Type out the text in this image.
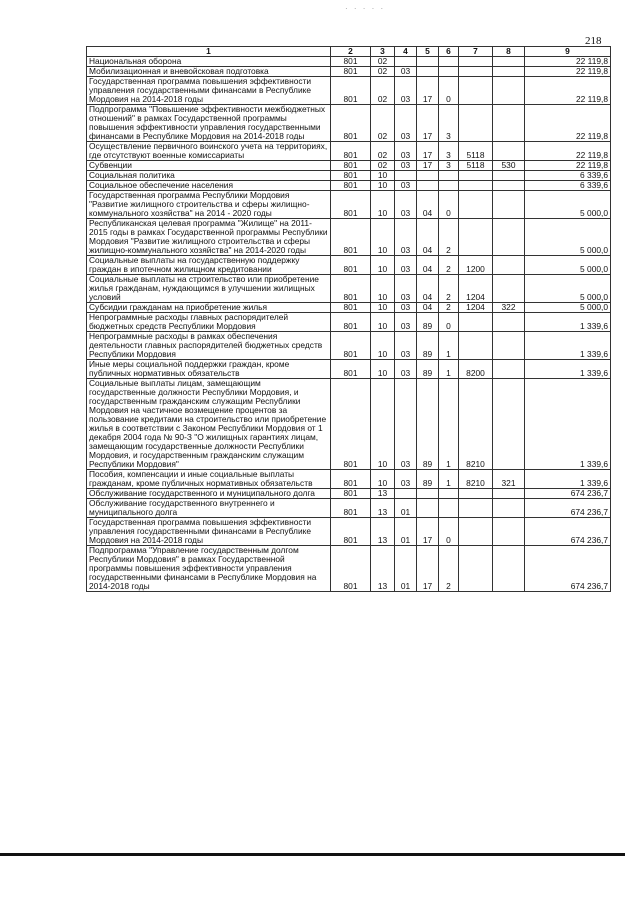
· · · · ·
218
1	2	3	4	5	6	7	8	9
Национальная оборона	801	02						22 119,8
Мобилизационная и вневойсковая подготовка	801	02	03					22 119,8
Государственная программа повышения эффективности управления государственными финансами в Республике Мордовия на 2014-2018 годы	801	02	03	17	0			22 119,8
Подпрограмма "Повышение эффективности межбюджетных отношений" в рамках Государственной программы повышения эффективности управления государственными финансами в Республике Мордовия на 2014-2018 годы	801	02	03	17	3			22 119,8
Осуществление первичного воинского учета на территориях, где отсутствуют военные комиссариаты	801	02	03	17	3	5118		22 119,8
Субвенции	801	02	03	17	3	5118	530	22 119,8
Социальная политика	801	10						6 339,6
Социальное обеспечение населения	801	10	03					6 339,6
Государственная программа Республики Мордовия "Развитие жилищного строительства и сферы жилищно-коммунального хозяйства" на 2014 - 2020 годы	801	10	03	04	0			5 000,0
Республиканская целевая программа "Жилище" на 2011-2015 годы в рамках Государственной программы Республики Мордовия "Развитие жилищного строительства и сферы жилищно-коммунального хозяйства" на 2014-2020 годы	801	10	03	04	2			5 000,0
Социальные выплаты на государственную поддержку граждан в ипотечном жилищном кредитовании	801	10	03	04	2	1200		5 000,0
Социальные выплаты на строительство или приобретение жилья гражданам, нуждающимся в улучшении жилищных условий	801	10	03	04	2	1204		5 000,0
Субсидии гражданам на приобретение жилья	801	10	03	04	2	1204	322	5 000,0
Непрограммные расходы главных распорядителей бюджетных средств Республики Мордовия	801	10	03	89	0			1 339,6
Непрограммные расходы в рамках обеспечения деятельности главных распорядителей бюджетных средств Республики Мордовия	801	10	03	89	1			1 339,6
Иные меры социальной поддержки граждан, кроме публичных нормативных обязательств	801	10	03	89	1	8200		1 339,6
Социальные выплаты лицам, замещающим государственные должности Республики Мордовия, и государственным гражданским служащим Республики Мордовия на частичное возмещение процентов за пользование кредитами на строительство или приобретение жилья в соответствии с Законом Республики Мордовия от 1 декабря 2004 года № 90-З "О жилищных гарантиях лицам, замещающим государственные должности Республики Мордовия, и государственным гражданским служащим Республики Мордовия"	801	10	03	89	1	8210		1 339,6
Пособия, компенсации и иные социальные выплаты гражданам, кроме публичных нормативных обязательств	801	10	03	89	1	8210	321	1 339,6
Обслуживание государственного и муниципального долга	801	13						674 236,7
Обслуживание государственного внутреннего и муниципального долга	801	13	01					674 236,7
Государственная программа повышения эффективности управления государственными финансами в Республике Мордовия на 2014-2018 годы	801	13	01	17	0			674 236,7
Подпрограмма "Управление государственным долгом Республики Мордовия" в рамках Государственной программы повышения эффективности управления государственными финансами в Республике Мордовия на 2014-2018 годы	801	13	01	17	2			674 236,7
